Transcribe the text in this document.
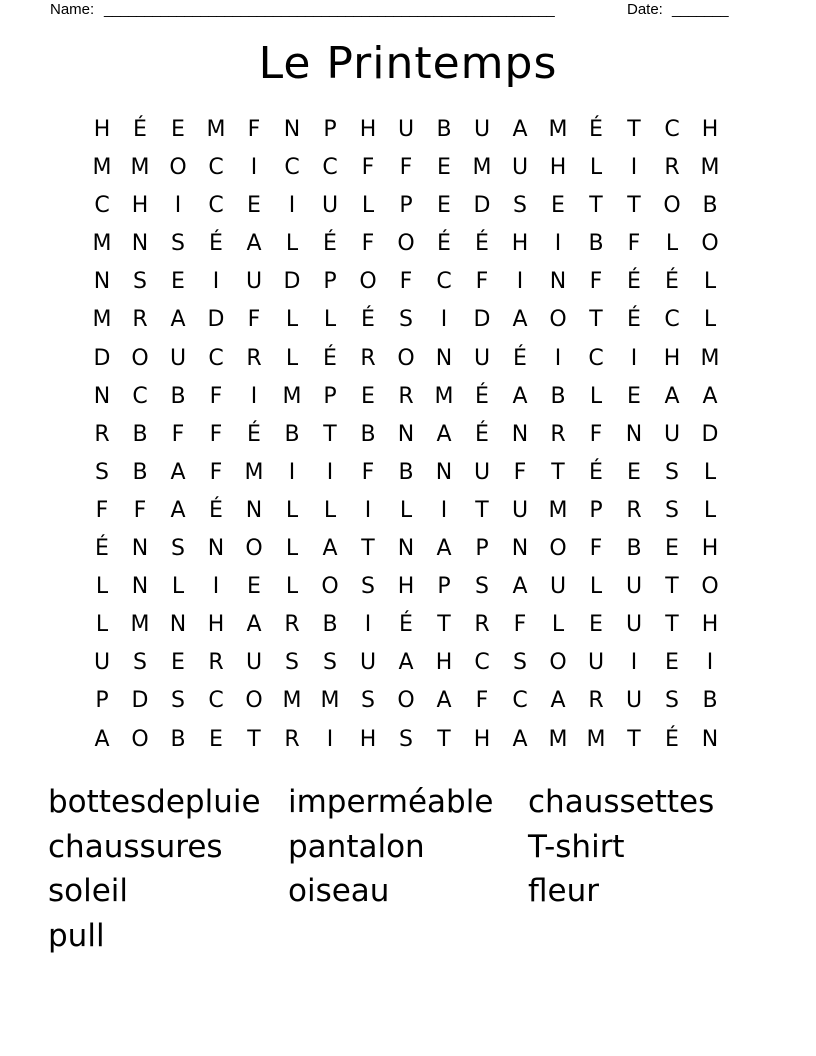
Name: ________________________________________________________	Date: _______
Le Printemps
H	É	E M	F	N	P	H U	B	U	A M É	T	C	H
M M O C	I	C	C	F	F	E M U H	L	I	R M
C	H	I	C	E	I	U	L	P	E	D	S	E	T	T	O B
M N	S	É	A	L	É	F	O	É	É	H	I	B	F	L	O
N	S	E	I	U D	P	O	F	C	F	I	N	F	É	É	L
M R	A D	F	L	L	É	S	I	D	A O	T	É	C	L
D O U	C	R	L	É	R O N U	É	I	C	I	H M
N	C	B	F	I	M P	E	R M É	A	B	L	E	A	A
R	B	F	F	É	B	T	B	N	A	É	N	R	F	N U D
S	B	A	F	M	I	I	F	B	N U	F	T	É	E	S	L
F	F	A	É	N	L	L	I	L	I	T	U M P	R	S	L
É	N	S	N O	L	A	T	N	A	P	N O	F	B	E	H
L	N	L	I	E	L	O	S	H	P	S	A	U	L	U	T	O
L	M N H	A	R	B	I	É	T	R	F	L	E	U	T	H
U	S	E	R	U	S	S	U	A	H	C	S	O U	I	E	I
P	D	S	C O M M S	O A	F	C	A	R	U	S	B
A O B	E	T	R	I	H	S	T	H	A M M T	É	N
bottesdepluie imperméable	chaussettes
chaussures	pantalon	T-shirt
soleil	oiseau	fleur
pull
